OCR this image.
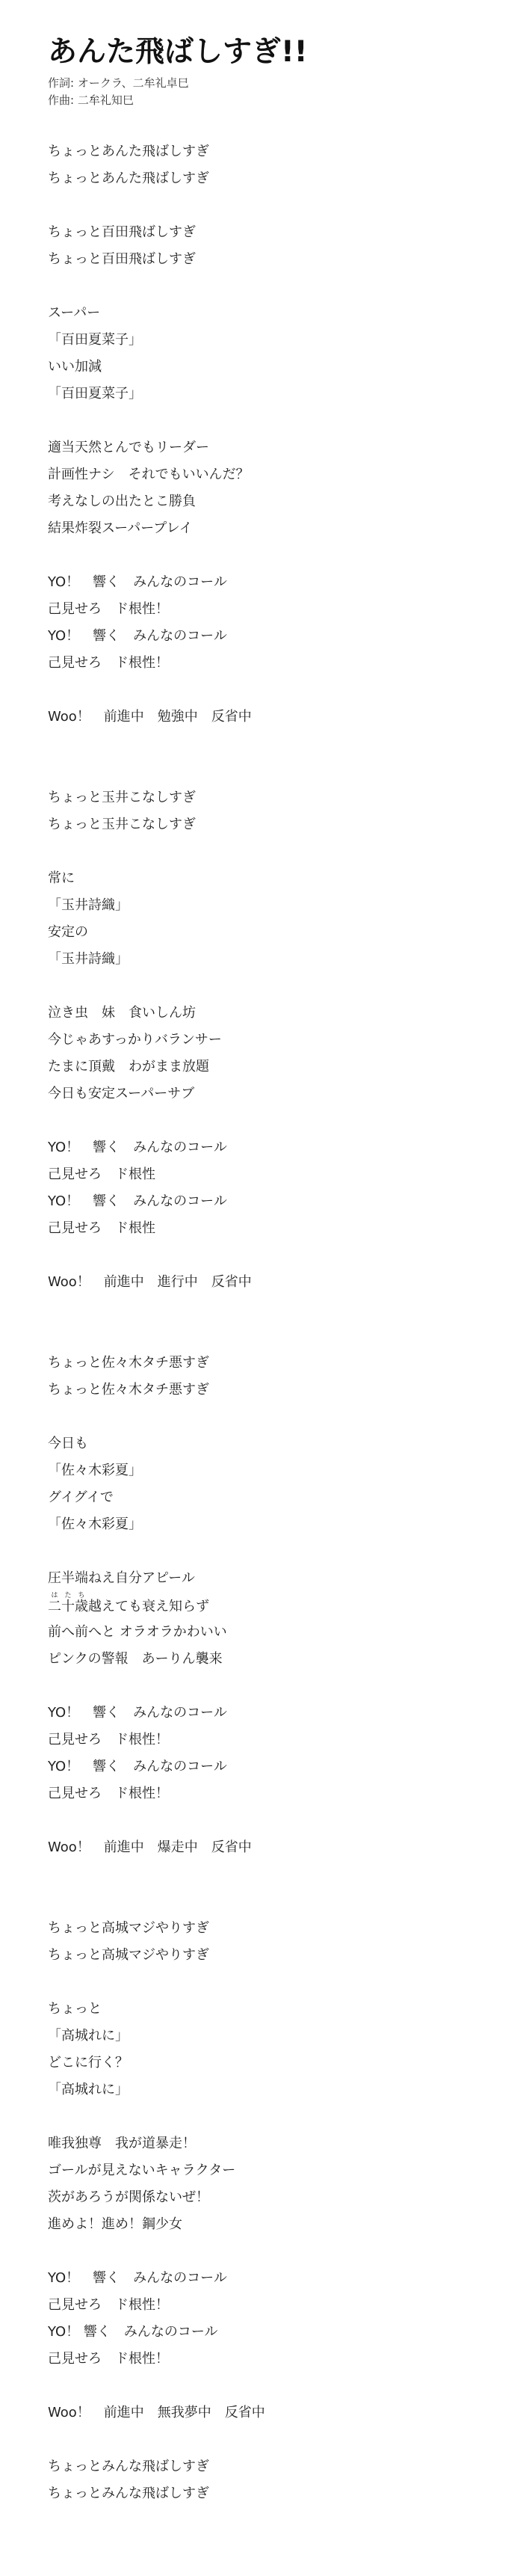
あんた飛ばしすぎ!!
作詞: オークラ、二牟礼卓巳
作曲: 二牟礼知巳
ちょっとあんた飛ばしすぎ
ちょっとあんた飛ばしすぎ
ちょっと百田飛ばしすぎ
ちょっと百田飛ばしすぎ
スーパー
「百田夏菜子」
いい加減
「百田夏菜子」
適当天然とんでもリーダー
計画性ナシ　それでもいいんだ？
考えなしの出たとこ勝負
結果炸裂スーパープレイ
YO！　響く　みんなのコール
己見せろ　ド根性！
YO！　響く　みんなのコール
己見せろ　ド根性！
Woo！　前進中　勉強中　反省中
ちょっと玉井こなしすぎ
ちょっと玉井こなしすぎ
常に
「玉井詩織」
安定の
「玉井詩織」
泣き虫　妹　食いしん坊
今じゃあすっかりバランサー
たまに頂戴　わがまま放題
今日も安定スーパーサブ
YO！　響く　みんなのコール
己見せろ　ド根性
YO！　響く　みんなのコール
己見せろ　ド根性
Woo！　前進中　進行中　反省中
ちょっと佐々木タチ悪すぎ
ちょっと佐々木タチ悪すぎ
今日も
「佐々木彩夏」
グイグイで
「佐々木彩夏」
圧半端ねえ自分アピール
二十歳はたち越えても衰え知らず
前へ前へと オラオラかわいい
ピンクの警報　あーりん襲来
YO！　響く　みんなのコール
己見せろ　ド根性！
YO！　響く　みんなのコール
己見せろ　ド根性！
Woo！　前進中　爆走中　反省中
ちょっと高城マジやりすぎ
ちょっと高城マジやりすぎ
ちょっと
「高城れに」
どこに行く？
「高城れに」
唯我独尊　我が道暴走！
ゴールが見えないキャラクター
茨があろうが関係ないぜ！
進めよ！進め！鋼少女
YO！　響く　みんなのコール
己見せろ　ド根性！
YO！ 響く　みんなのコール
己見せろ　ド根性！
Woo！　前進中　無我夢中　反省中
ちょっとみんな飛ばしすぎ
ちょっとみんな飛ばしすぎ
